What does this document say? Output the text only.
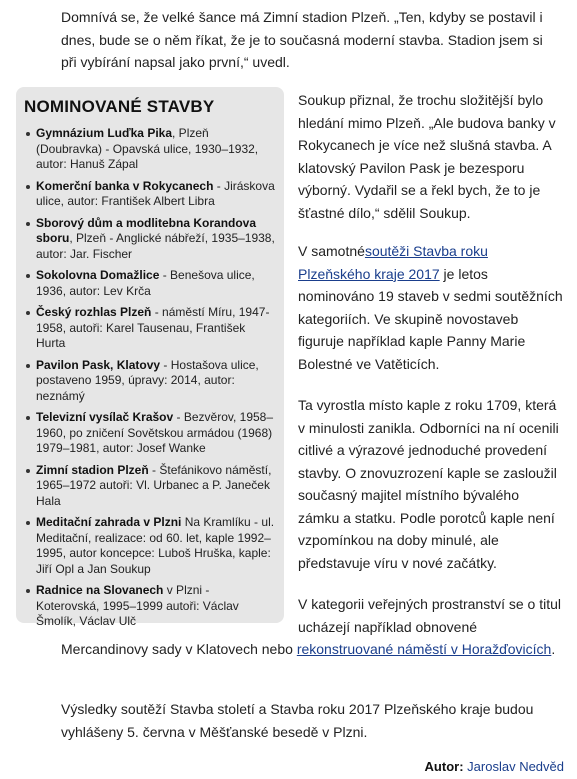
Domnívá se, že velké šance má Zimní stadion Plzeň. „Ten, kdyby se postavil i dnes, bude se o něm říkat, že je to současná moderní stavba. Stadion jsem si při vybírání napsal jako první,“ uvedl.

NOMINOVANÉ STAVBY
Gymnázium Luďka Pika, Plzeň (Doubravka) - Opavská ulice, 1930–1932, autor: Hanuš Zápal
Komerční banka v Rokycanech - Jiráskova ulice, autor: František Albert Libra
Sborový dům a modlitebna Korandova sboru, Plzeň - Anglické nábřeží, 1935–1938, autor: Jar. Fischer
Sokolovna Domažlice - Benešova ulice, 1936, autor: Lev Krča
Český rozhlas Plzeň - náměstí Míru, 1947-1958, autoři: Karel Tausenau, František Hurta
Pavilon Pask, Klatovy - Hostašova ulice, postaveno 1959, úpravy: 2014, autor: neznámý
Televizní vysílač Krašov - Bezvěrov, 1958–1960, po zničení Sovětskou armádou (1968) 1979–1981, autor: Josef Wanke
Zimní stadion Plzeň - Štefánikovo náměstí, 1965–1972 autoři: Vl. Urbanec a P. Janeček Hala
Meditační zahrada v Plzni Na Kramlíku - ul. Meditační, realizace: od 60. let, kaple 1992– 1995, autor koncepce: Luboš Hruška, kaple: Jiří Opl a Jan Soukup
Radnice na Slovanech v Plzni - Koterovská, 1995–1999 autoři: Václav Šmolík, Václav Ulč

Soukup přiznal, že trochu složitější bylo hledání mimo Plzeň. „Ale budova banky v Rokycanech je více než slušná stavba. A klatovský Pavilon Pask je bezesporu výborný. Vydařil se a řekl bych, že to je šťastné dílo,“ sdělil Soukup.

V samotnésoutěži Stavba roku Plzeňského kraje 2017 je letos nominováno 19 staveb v sedmi soutěžních kategoriích. Ve skupině novostaveb figuruje například kaple Panny Marie Bolestné ve Vatěticích.

Ta vyrostla místo kaple z roku 1709, která v minulosti zanikla. Odborníci na ní ocenili citlivé a výrazové jednoduché provedení stavby. O znovuzrození kaple se zasloužil současný majitel místního bývalého zámku a statku. Podle porotců kaple není vzpomínkou na doby minulé, ale představuje víru v nové začátky.

V kategorii veřejných prostranství se o titul ucházejí například obnovené

Mercandinovy sady v Klatovech nebo rekonstruované náměstí v Horažďovicích.

Výsledky soutěží Stavba století a Stavba roku 2017 Plzeňského kraje budou vyhlášeny 5. června v Měšťanské besedě v Plzni.

Autor: Jaroslav Nedvěd
